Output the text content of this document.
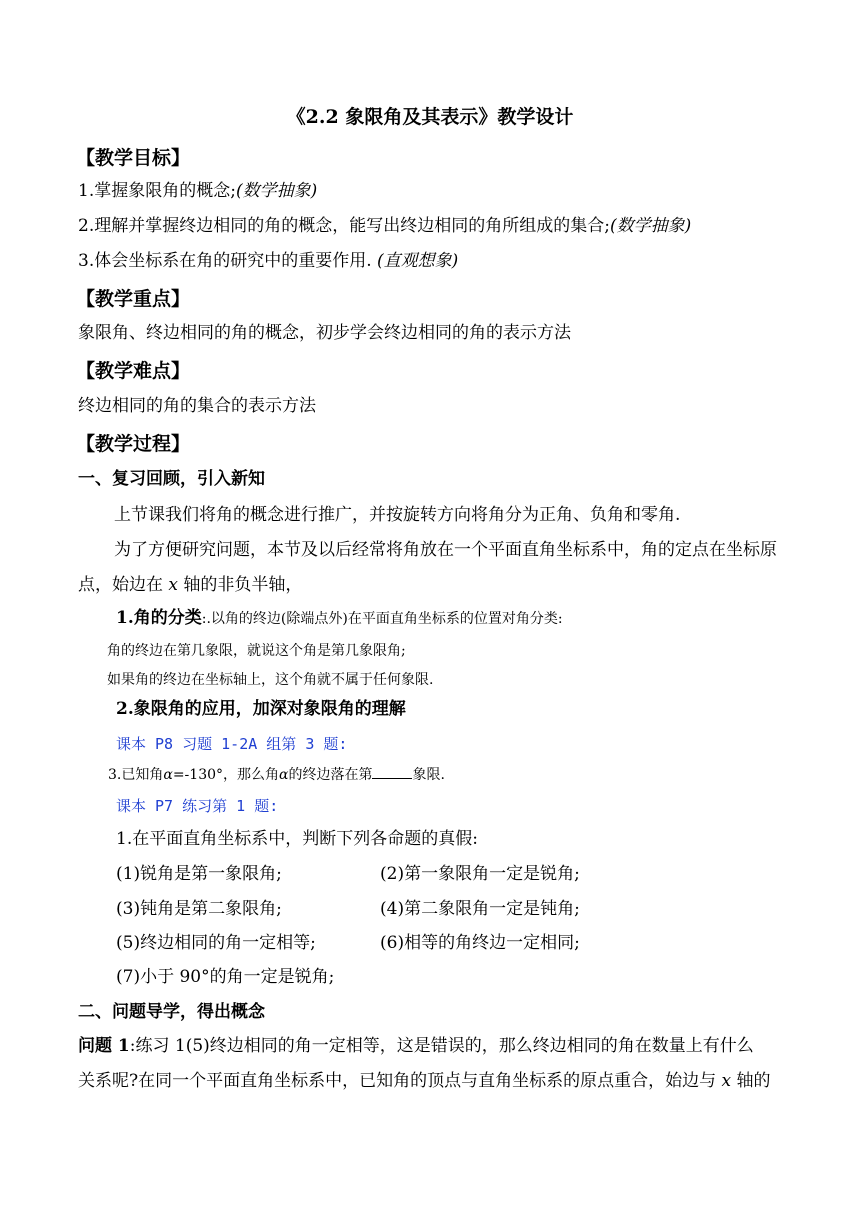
《2.2 象限角及其表示》教学设计
【教学目标】
1.掌握象限角的概念;(数学抽象)
2.理解并掌握终边相同的角的概念，能写出终边相同的角所组成的集合;(数学抽象)
3.体会坐标系在角的研究中的重要作用. (直观想象)
【教学重点】
象限角、终边相同的角的概念，初步学会终边相同的角的表示方法
【教学难点】
终边相同的角的集合的表示方法
【教学过程】
一、复习回顾，引入新知
上节课我们将角的概念进行推广，并按旋转方向将角分为正角、负角和零角.
为了方便研究问题，本节及以后经常将角放在一个平面直角坐标系中，角的定点在坐标原
点，始边在 x 轴的非负半轴，
1.角的分类:.以角的终边(除端点外)在平面直角坐标系的位置对角分类:
角的终边在第几象限，就说这个角是第几象限角;
如果角的终边在坐标轴上，这个角就不属于任何象限.
2.象限角的应用，加深对象限角的理解
课本 P8 习题 1-2A 组第 3 题:
3.已知角α=-130°，那么角α的终边落在第	象限.
课本 P7 练习第 1 题:
1.在平面直角坐标系中，判断下列各命题的真假:
(1)锐角是第一象限角;	(2)第一象限角一定是锐角;
(3)钝角是第二象限角;	(4)第二象限角一定是钝角;
(5)终边相同的角一定相等;	(6)相等的角终边一定相同;
(7)小于 90°的角一定是锐角;
二、问题导学，得出概念
问题 1:练习 1(5)终边相同的角一定相等，这是错误的，那么终边相同的角在数量上有什么
关系呢?在同一个平面直角坐标系中，已知角的顶点与直角坐标系的原点重合，始边与 x 轴的
